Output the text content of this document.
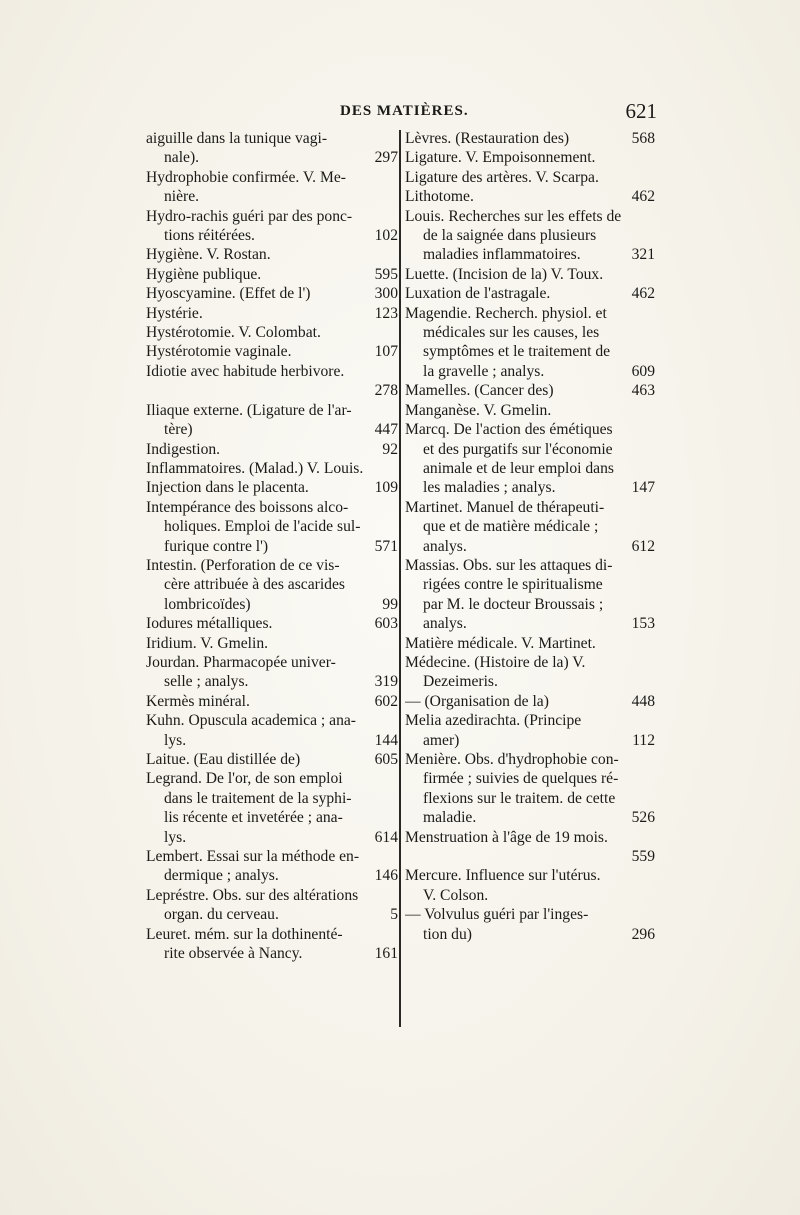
DES MATIÈRES.	621
aiguille dans la tunique vagi-
nale).	297
Hydrophobie confirmée. V. Me-
nière.
Hydro-rachis guéri par des ponc-
tions réitérées.	102
Hygiène. V. Rostan.
Hygiène publique.	595
Hyoscyamine. (Effet de l')	300
Hystérie.	123
Hystérotomie. V. Colombat.
Hystérotomie vaginale.	107
Idiotie avec habitude herbivore.
278
Iliaque externe. (Ligature de l'ar-
tère)	447
Indigestion.	92
Inflammatoires. (Malad.) V. Louis.
Injection dans le placenta.	109
Intempérance des boissons alco-
holiques. Emploi de l'acide sul-
furique contre l')	571
Intestin. (Perforation de ce vis-
cère attribuée à des ascarides
lombricoïdes)	99
Iodures métalliques.	603
Iridium. V. Gmelin.
Jourdan. Pharmacopée univer-
selle ; analys.	319
Kermès minéral.	602
Kuhn. Opuscula academica ; ana-
lys.	144
Laitue. (Eau distillée de)	605
Legrand. De l'or, de son emploi
dans le traitement de la syphi-
lis récente et invetérée ; ana-
lys.	614
Lembert. Essai sur la méthode en-
dermique ; analys.	146
Lepréstre. Obs. sur des altérations
organ. du cerveau.	5
Leuret. mém. sur la dothinenté-
rite observée à Nancy.	161
Lèvres. (Restauration des)	568
Ligature. V. Empoisonnement.
Ligature des artères. V. Scarpa.
Lithotome.	462
Louis. Recherches sur les effets de
de la saignée dans plusieurs
maladies inflammatoires.	321
Luette. (Incision de la) V. Toux.
Luxation de l'astragale.	462
Magendie. Recherch. physiol. et
médicales sur les causes, les
symptômes et le traitement de
la gravelle ; analys.	609
Mamelles. (Cancer des)	463
Manganèse. V. Gmelin.
Marcq. De l'action des émétiques
et des purgatifs sur l'économie
animale et de leur emploi dans
les maladies ; analys.	147
Martinet. Manuel de thérapeuti-
que et de matière médicale ;
analys.	612
Massias. Obs. sur les attaques di-
rigées contre le spiritualisme
par M. le docteur Broussais ;
analys.	153
Matière médicale. V. Martinet.
Médecine. (Histoire de la) V.
Dezeimeris.
— (Organisation de la)	448
Melia azedirachta. (Principe
amer)	112
Menière. Obs. d'hydrophobie con-
firmée ; suivies de quelques ré-
flexions sur le traitem. de cette
maladie.	526
Menstruation à l'âge de 19 mois.
559
Mercure. Influence sur l'utérus.
V. Colson.
— Volvulus guéri par l'inges-
tion du)	296
